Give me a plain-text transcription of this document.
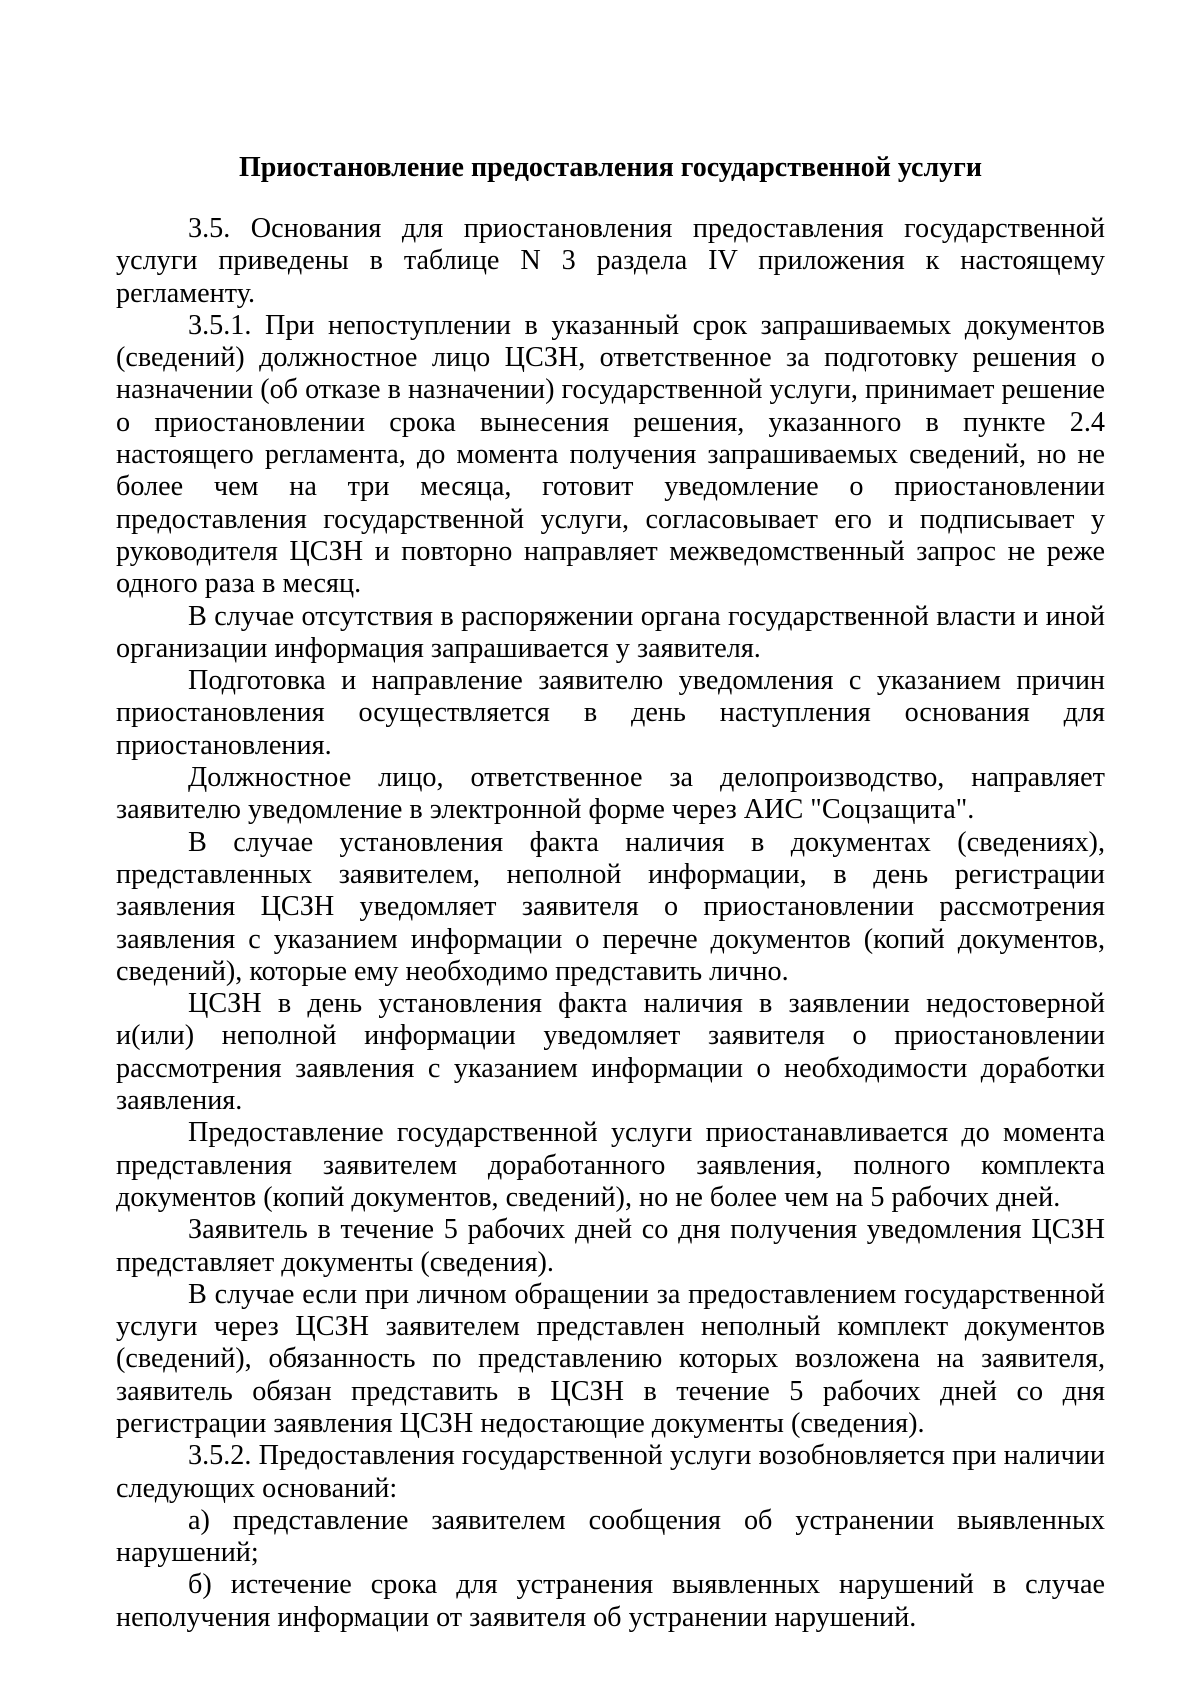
Приостановление предоставления государственной услуги

3.5. Основания для приостановления предоставления государственной услуги приведены в таблице N 3 раздела IV приложения к настоящему регламенту.

3.5.1. При непоступлении в указанный срок запрашиваемых документов (сведений) должностное лицо ЦСЗН, ответственное за подготовку решения о назначении (об отказе в назначении) государственной услуги, принимает решение о приостановлении срока вынесения решения, указанного в пункте 2.4 настоящего регламента, до момента получения запрашиваемых сведений, но не более чем на три месяца, готовит уведомление о приостановлении предоставления государственной услуги, согласовывает его и подписывает у руководителя ЦСЗН и повторно направляет межведомственный запрос не реже одного раза в месяц.

В случае отсутствия в распоряжении органа государственной власти и иной организации информация запрашивается у заявителя.

Подготовка и направление заявителю уведомления с указанием причин приостановления осуществляется в день наступления основания для приостановления.

Должностное лицо, ответственное за делопроизводство, направляет заявителю уведомление в электронной форме через АИС "Соцзащита".

В случае установления факта наличия в документах (сведениях), представленных заявителем, неполной информации, в день регистрации заявления ЦСЗН уведомляет заявителя о приостановлении рассмотрения заявления с указанием информации о перечне документов (копий документов, сведений), которые ему необходимо представить лично.

ЦСЗН в день установления факта наличия в заявлении недостоверной и(или) неполной информации уведомляет заявителя о приостановлении рассмотрения заявления с указанием информации о необходимости доработки заявления.

Предоставление государственной услуги приостанавливается до момента представления заявителем доработанного заявления, полного комплекта документов (копий документов, сведений), но не более чем на 5 рабочих дней.

Заявитель в течение 5 рабочих дней со дня получения уведомления ЦСЗН представляет документы (сведения).

В случае если при личном обращении за предоставлением государственной услуги через ЦСЗН заявителем представлен неполный комплект документов (сведений), обязанность по представлению которых возложена на заявителя, заявитель обязан представить в ЦСЗН в течение 5 рабочих дней со дня регистрации заявления ЦСЗН недостающие документы (сведения).

3.5.2. Предоставления государственной услуги возобновляется при наличии следующих оснований:

а) представление заявителем сообщения об устранении выявленных нарушений;

б) истечение срока для устранения выявленных нарушений в случае неполучения информации от заявителя об устранении нарушений.
